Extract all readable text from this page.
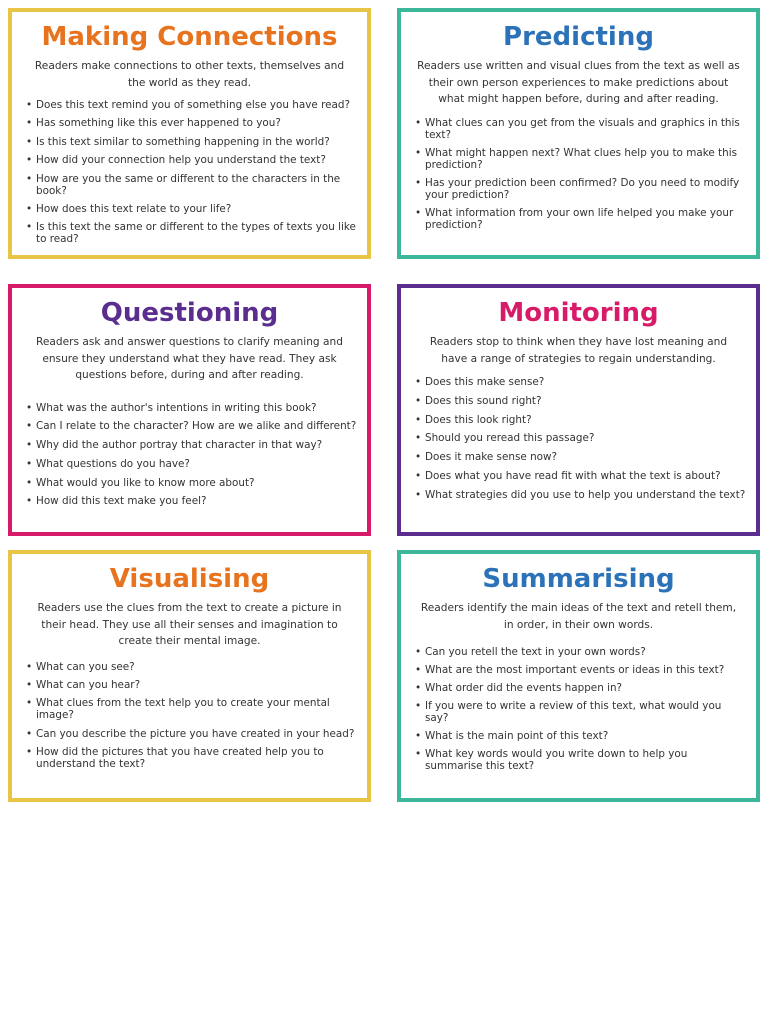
Making Connections
Readers make connections to other texts, themselves and the world as they read.
• Does this text remind you of something else you have read?
• Has something like this ever happened to you?
• Is this text similar to something happening in the world?
• How did your connection help you understand the text?
• How are you the same or different to the characters in the book?
• How does this text relate to your life?
• Is this text the same or different to the types of texts you like to read?
Predicting
Readers use written and visual clues from the text as well as their own person experiences to make predictions about what might happen before, during and after reading.
• What clues can you get from the visuals and graphics in this text?
• What might happen next? What clues help you to make this prediction?
• Has your prediction been confirmed? Do you need to modify your prediction?
• What information from your own life helped you make your prediction?
Questioning
Readers ask and answer questions to clarify meaning and ensure they understand what they have read. They ask questions before, during and after reading.
• What was the author's intentions in writing this book?
• Can I relate to the character? How are we alike and different?
• Why did the author portray that character in that way?
• What questions do you have?
• What would you like to know more about?
• How did this text make you feel?
Monitoring
Readers stop to think when they have lost meaning and have a range of strategies to regain understanding.
• Does this make sense?
• Does this sound right?
• Does this look right?
• Should you reread this passage?
• Does it make sense now?
• Does what you have read fit with what the text is about?
• What strategies did you use to help you understand the text?
Visualising
Readers use the clues from the text to create a picture in their head. They use all their senses and imagination to create their mental image.
• What can you see?
• What can you hear?
• What clues from the text help you to create your mental image?
• Can you describe the picture you have created in your head?
• How did the pictures that you have created help you to understand the text?
Summarising
Readers identify the main ideas of the text and retell them, in order, in their own words.
• Can you retell the text in your own words?
• What are the most important events or ideas in this text?
• What order did the events happen in?
• If you were to write a review of this text, what would you say?
• What is the main point of this text?
• What key words would you write down to help you summarise this text?
